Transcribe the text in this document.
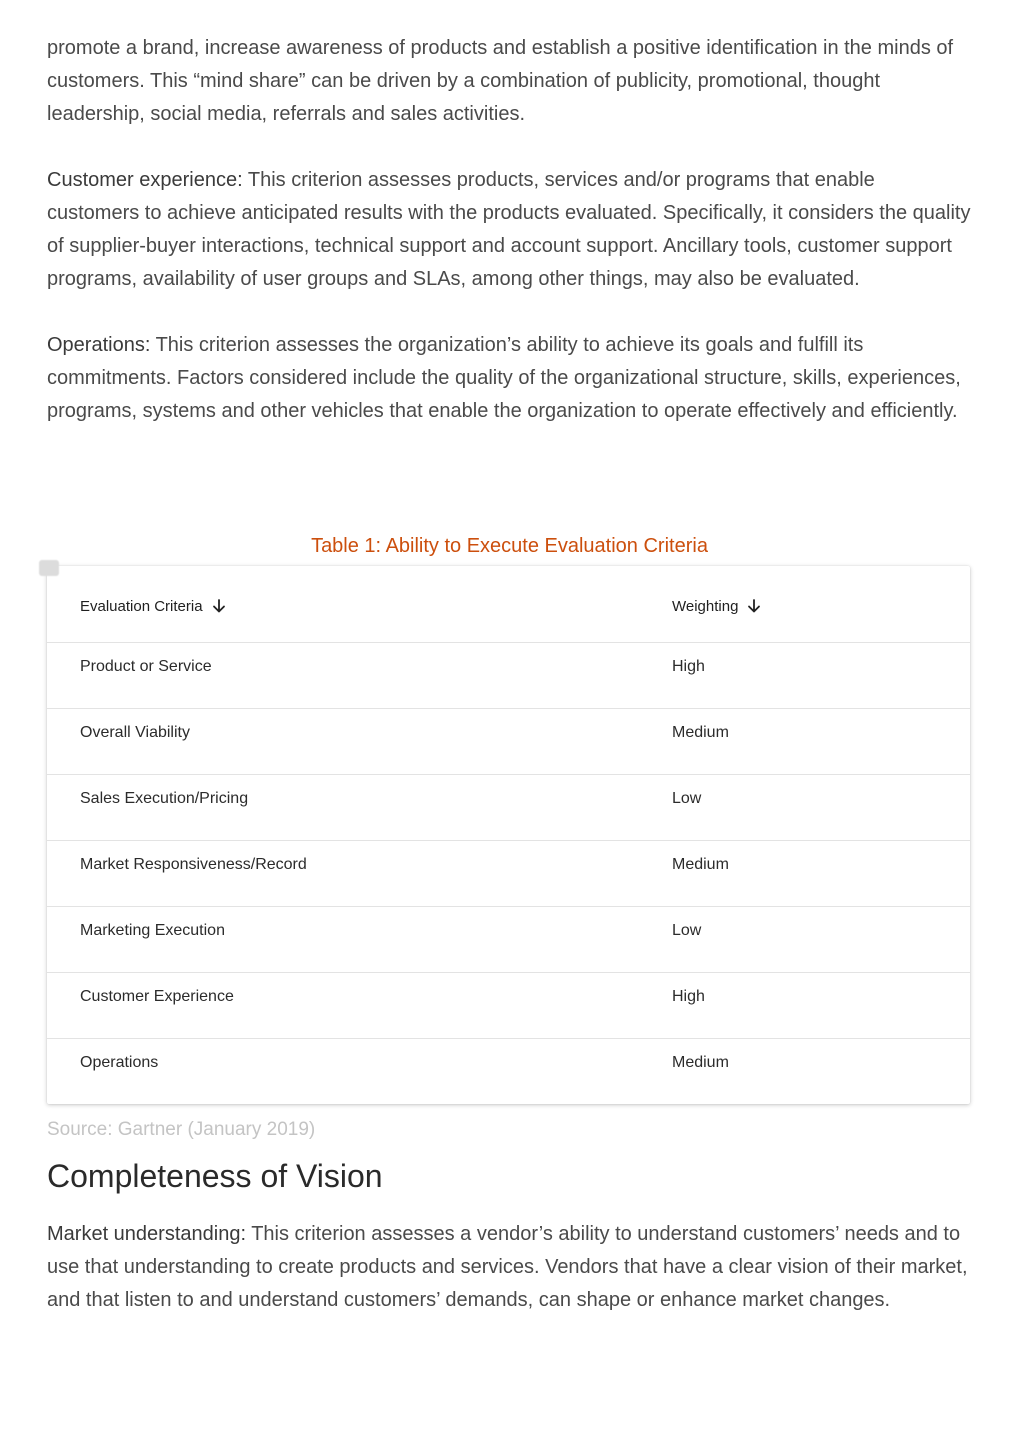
promote a brand, increase awareness of products and establish a positive identification in the minds of customers. This “mind share” can be driven by a combination of publicity, promotional, thought leadership, social media, referrals and sales activities.

Customer experience: This criterion assesses products, services and/or programs that enable customers to achieve anticipated results with the products evaluated. Specifically, it considers the quality of supplier-buyer interactions, technical support and account support. Ancillary tools, customer support programs, availability of user groups and SLAs, among other things, may also be evaluated.

Operations: This criterion assesses the organization’s ability to achieve its goals and fulfill its commitments. Factors considered include the quality of the organizational structure, skills, experiences, programs, systems and other vehicles that enable the organization to operate effectively and efficiently.

Table 1: Ability to Execute Evaluation Criteria
Evaluation Criteria	Weighting

Product or Service	High

Overall Viability	Medium

Sales Execution/Pricing	Low

Market Responsiveness/Record	Medium

Marketing Execution	Low

Customer Experience	High

Operations	Medium
Source: Gartner (January 2019)
Completeness of Vision

Market understanding: This criterion assesses a vendor’s ability to understand customers’ needs and to use that understanding to create products and services. Vendors that have a clear vision of their market, and that listen to and understand customers’ demands, can shape or enhance market changes.
